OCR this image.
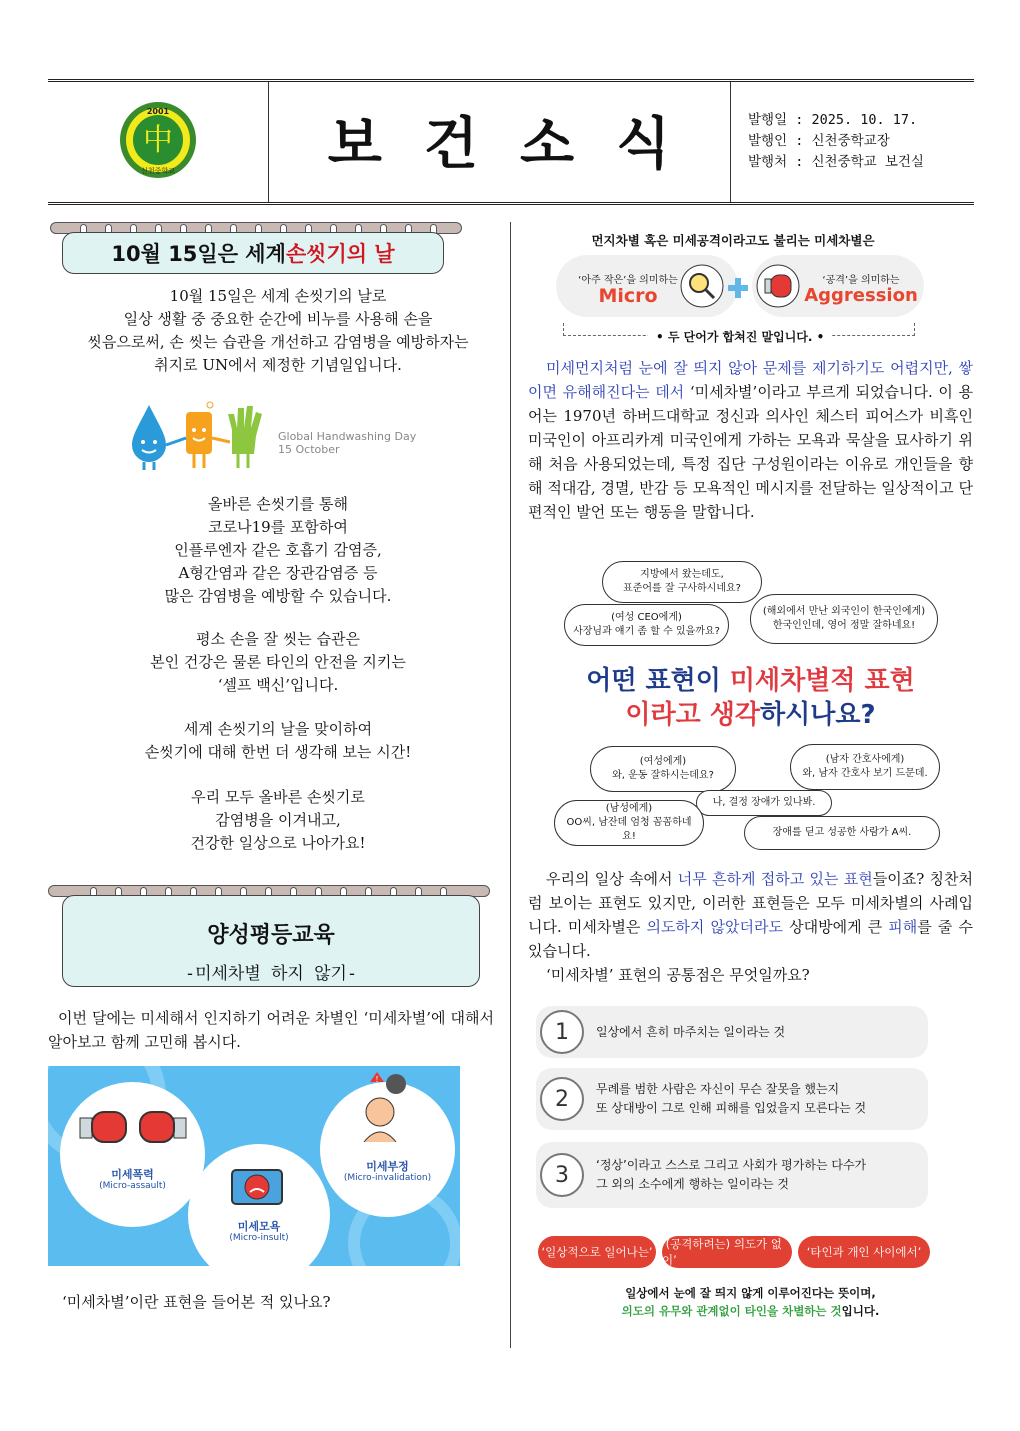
2001
中
신천중학교	보건소식	발행일 : 2025. 10. 17.
발행인 : 신천중학교장
발행처 : 신천중학교 보건실
10월 15일은 세계 손씻기의 날
10월 15일은 세계 손씻기의 날로
일상 생활 중 중요한 순간에 비누를 사용해 손을
씻음으로써, 손 씻는 습관을 개선하고 감염병을 예방하자는
취지로 UN에서 제정한 기념일입니다.
Global Handwashing Day
15 October
올바른 손씻기를 통해
코로나19를 포함하여
인플루엔자 같은 호흡기 감염증,
A형간염과 같은 장관감염증 등
많은 감염병을 예방할 수 있습니다.
평소 손을 잘 씻는 습관은
본인 건강은 물론 타인의 안전을 지키는
‘셀프 백신’입니다.
세계 손씻기의 날을 맞이하여
손씻기에 대해 한번 더 생각해 보는 시간!
우리 모두 올바른 손씻기로
감염병을 이겨내고,
건강한 일상으로 나아가요!
양성평등교육
-미세차별 하지 않기-
이번 달에는 미세해서 인지하기 어려운 차별인 ‘미세차별’에 대해서 알아보고 함께 고민해 봅시다.
미세폭력
(Micro-assault)
미세모욕
(Micro-insult)
!
미세부정
(Micro-invalidation)
‘미세차별’이란 표현을 들어본 적 있나요?
먼지차별 혹은 미세공격이라고도 불리는 미세차별은
‘아주 작은’을 의미하는
Micro
‘공격’을 의미하는
Aggression
• 두 단어가 합쳐진 말입니다. •
미세먼지처럼 눈에 잘 띄지 않아 문제를 제기하기도 어렵지만, 쌓이면 유해해진다는 데서 ‘미세차별’이라고 부르게 되었습니다. 이 용어는 1970년 하버드대학교 정신과 의사인 체스터 피어스가 비흑인 미국인이 아프리카계 미국인에게 가하는 모욕과 묵살을 묘사하기 위해 처음 사용되었는데, 특정 집단 구성원이라는 이유로 개인들을 향해 적대감, 경멸, 반감 등 모욕적인 메시지를 전달하는 일상적이고 단편적인 발언 또는 행동을 말합니다.
지방에서 왔는데도,
표준어를 잘 구사하시네요?
(여성 CEO에게)
사장님과 얘기 좀 할 수 있을까요?
(해외에서 만난 외국인이 한국인에게)
한국인인데, 영어 정말 잘하네요!
어떤 표현이 미세차별적 표현
이라고 생각하시나요?
(여성에게)
와, 운동 잘하시는데요?
(남자 간호사에게)
와, 남자 간호사 보기 드문데.
나, 결정 장애가 있나봐.
(남성에게)
OO씨, 남잔데 엄청 꼼꼼하네요!	장애를 딛고 성공한 사람가 A씨.
우리의 일상 속에서 너무 흔하게 접하고 있는 표현들이죠? 칭찬처럼 보이는 표현도 있지만, 이러한 표현들은 모두 미세차별의 사례입니다. 미세차별은 의도하지 않았더라도 상대방에게 큰 피해를 줄 수 있습니다.
‘미세차별’ 표현의 공통점은 무엇일까요?
1	일상에서 흔히 마주치는 일이라는 것
2	무례를 범한 사람은 자신이 무슨 잘못을 했는지
또 상대방이 그로 인해 피해를 입었을지 모른다는 것
3	‘정상’이라고 스스로 그리고 사회가 평가하는 다수가
그 외의 소수에게 행하는 일이라는 것
‘일상적으로 일어나는’
‘(공격하려는) 의도가 없이’
‘타인과 개인 사이에서’
일상에서 눈에 잘 띄지 않게 이루어진다는 뜻이며,
의도의 유무와 관계없이 타인을 차별하는 것입니다.
